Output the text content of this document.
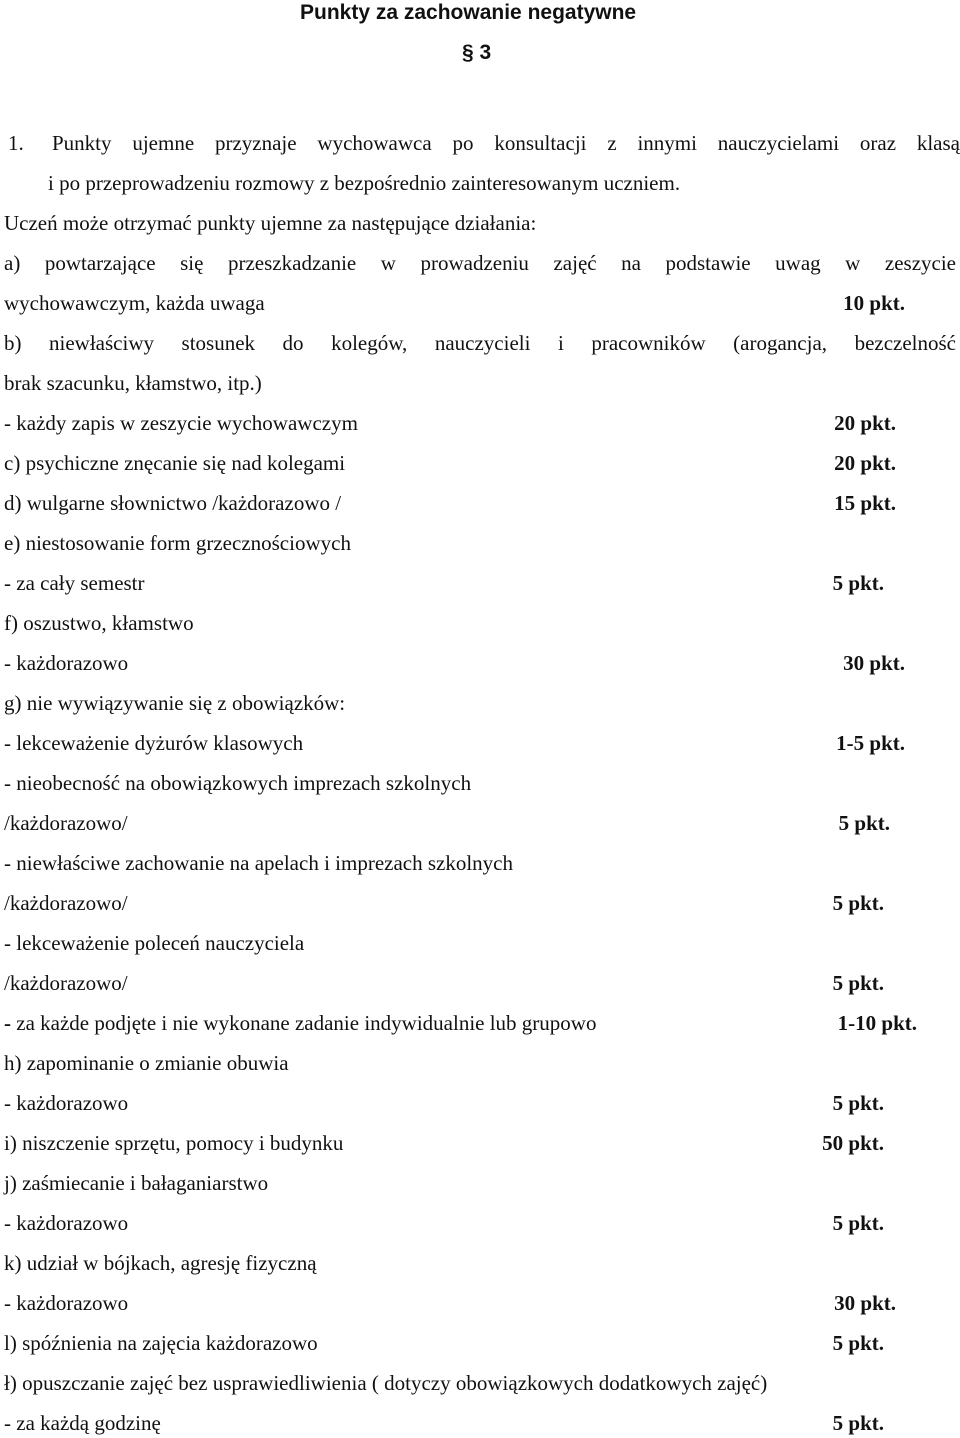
Punkty za zachowanie negatywne
§ 3
1. Punkty ujemne przyznaje wychowawca po konsultacji z innymi nauczycielami oraz klasą
i po przeprowadzeniu rozmowy z bezpośrednio zainteresowanym uczniem.
Uczeń może otrzymać punkty ujemne za następujące działania:
a) powtarzające się przeszkadzanie w prowadzeniu zajęć na podstawie uwag w zeszycie
wychowawczym, każda uwaga	10 pkt.
b) niewłaściwy stosunek do kolegów, nauczycieli i pracowników (arogancja, bezczelność
brak szacunku, kłamstwo, itp.)
- każdy zapis w zeszycie wychowawczym	20 pkt.
c) psychiczne znęcanie się nad kolegami	20 pkt.
d) wulgarne słownictwo /każdorazowo /	15 pkt.
e) niestosowanie form grzecznościowych
- za cały semestr	5 pkt.
f) oszustwo, kłamstwo
- każdorazowo	30 pkt.
g) nie wywiązywanie się z obowiązków:
- lekceważenie dyżurów klasowych	1-5 pkt.
- nieobecność na obowiązkowych imprezach szkolnych
/każdorazowo/	5 pkt.
- niewłaściwe zachowanie na apelach i imprezach szkolnych
/każdorazowo/	5 pkt.
- lekceważenie poleceń nauczyciela
/każdorazowo/	5 pkt.
- za każde podjęte i nie wykonane zadanie indywidualnie lub grupowo	1-10 pkt.
h) zapominanie o zmianie obuwia
- każdorazowo	5 pkt.
i) niszczenie sprzętu, pomocy i budynku	50 pkt.
j) zaśmiecanie i bałaganiarstwo
- każdorazowo	5 pkt.
k) udział w bójkach, agresję fizyczną
- każdorazowo	30 pkt.
l) spóźnienia na zajęcia każdorazowo	5 pkt.
ł) opuszczanie zajęć bez usprawiedliwienia ( dotyczy obowiązkowych dodatkowych zajęć)
- za każdą godzinę	5 pkt.
